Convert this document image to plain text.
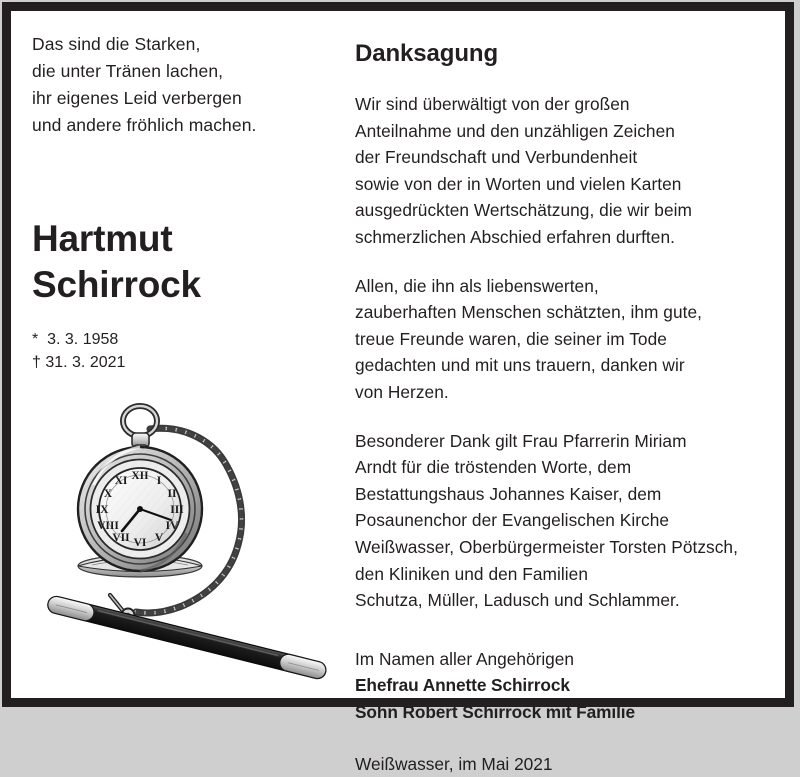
Das sind die Starken,
die unter Tränen lachen,
ihr eigenes Leid verbergen
und andere fröhlich machen.
Hartmut
Schirrock
*  3. 3. 1958
† 31. 3. 2021
XII I
II
III
IV
V
VI
VII
VIII
IX
X
XI
Danksagung

Wir sind überwältigt von der großen
Anteilnahme und den unzähligen Zeichen
der Freundschaft und Verbundenheit
sowie von der in Worten und vielen Karten
ausgedrückten Wertschätzung, die wir beim
schmerzlichen Abschied erfahren durften.

Allen, die ihn als liebenswerten,
zauberhaften Menschen schätzten, ihm gute,
treue Freunde waren, die seiner im Tode
gedachten und mit uns trauern, danken wir
von Herzen.

Besonderer Dank gilt Frau Pfarrerin Miriam
Arndt für die tröstenden Worte, dem
Bestattungshaus Johannes Kaiser, dem
Posaunenchor der Evangelischen Kirche
Weißwasser, Oberbürgermeister Torsten Pötzsch,
den Kliniken und den Familien
Schutza, Müller, Ladusch und Schlammer.

Im Namen aller Angehörigen
Ehefrau Annette Schirrock
Sohn Robert Schirrock mit Familie

Weißwasser, im Mai 2021
